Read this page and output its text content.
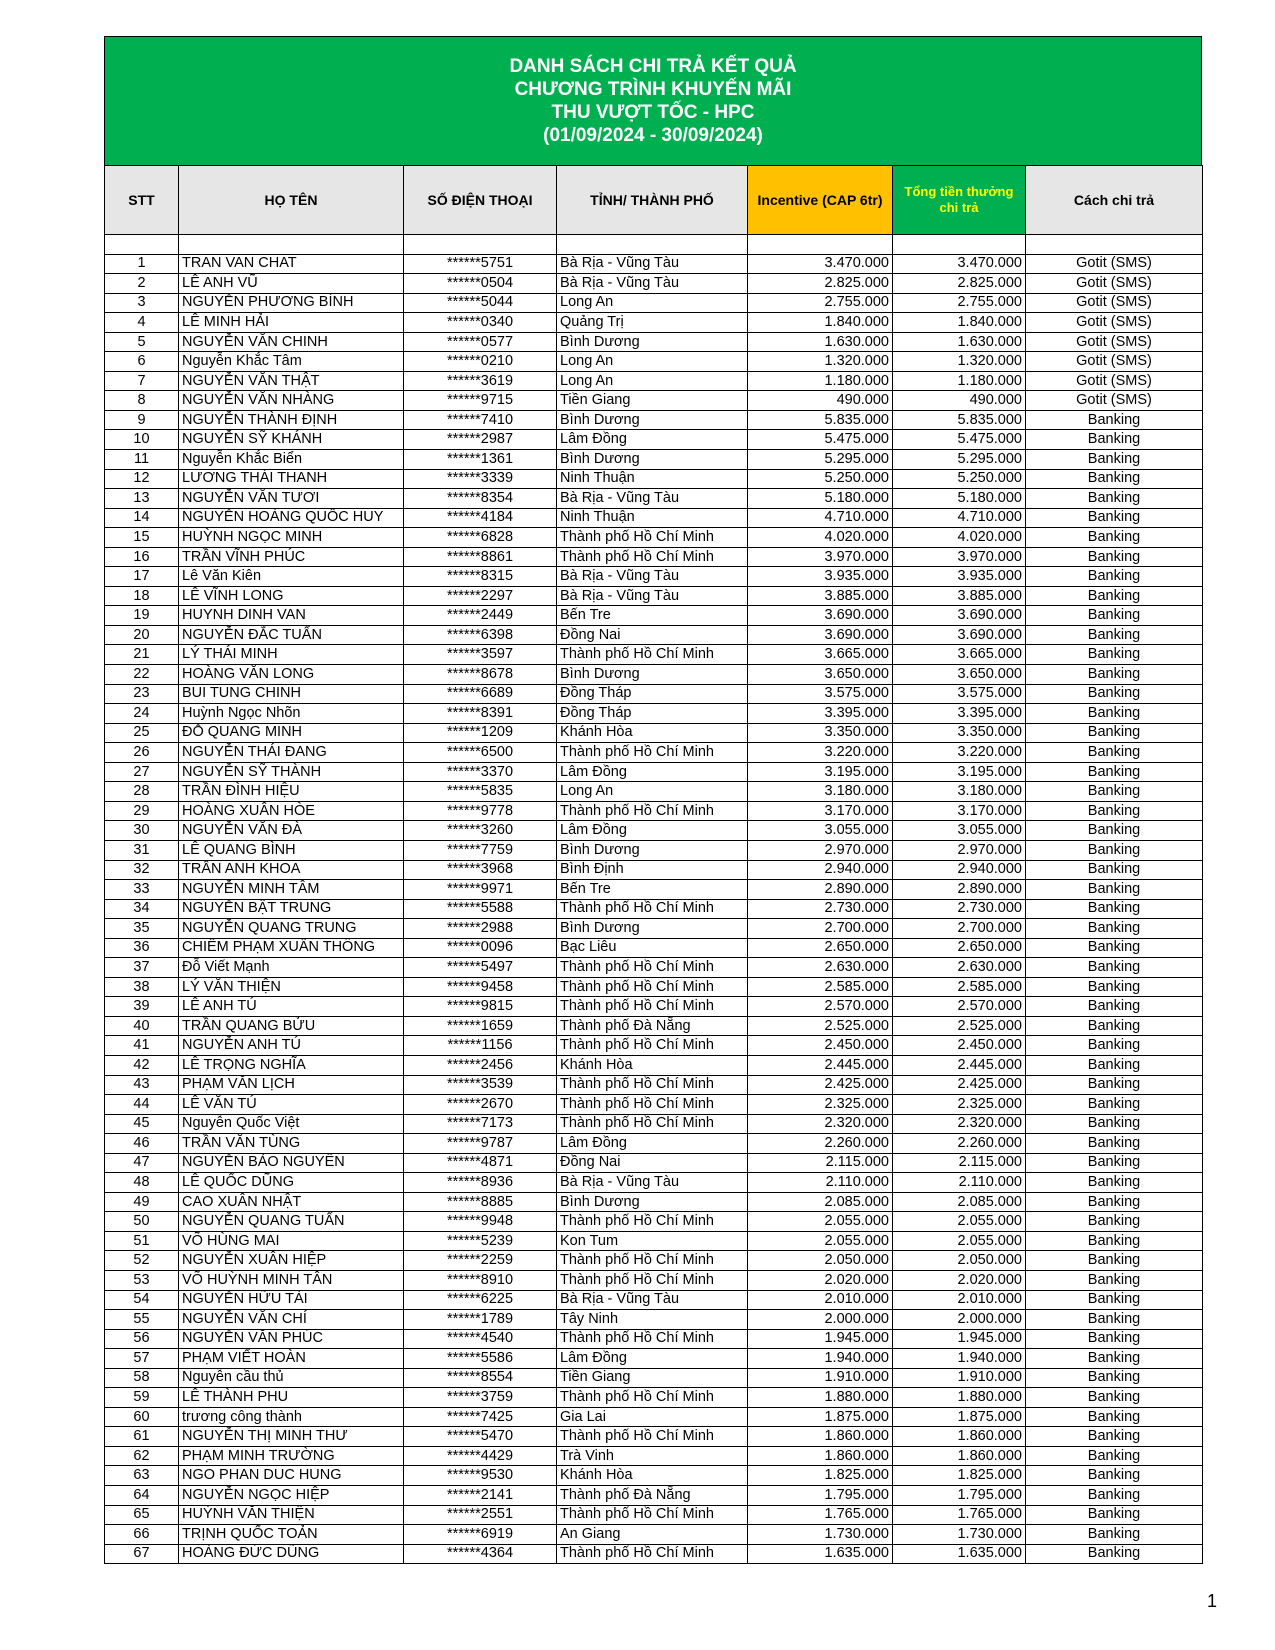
DANH SÁCH CHI TRẢ KẾT QUẢ
CHƯƠNG TRÌNH KHUYẾN MÃI
THU VƯỢT TỐC - HPC
(01/09/2024 - 30/09/2024)
STT	HỌ TÊN	SỐ ĐIỆN THOẠI	TỈNH/ THÀNH PHỐ	Incentive (CAP 6tr)	Tổng tiền thưởng chi trả	Cách chi trả

1	TRAN VAN CHAT	******5751	Bà Rịa - Vũng Tàu	3.470.000	3.470.000	Gotit (SMS)
2	LÊ ANH VŨ	******0504	Bà Rịa - Vũng Tàu	2.825.000	2.825.000	Gotit (SMS)
3	NGUYỄN PHƯƠNG BÌNH	******5044	Long An	2.755.000	2.755.000	Gotit (SMS)
4	LÊ MINH HẢI	******0340	Quảng Trị	1.840.000	1.840.000	Gotit (SMS)
5	NGUYỄN VĂN CHINH	******0577	Bình Dương	1.630.000	1.630.000	Gotit (SMS)
6	Nguyễn Khắc Tâm	******0210	Long An	1.320.000	1.320.000	Gotit (SMS)
7	NGUYỄN VĂN THẬT	******3619	Long An	1.180.000	1.180.000	Gotit (SMS)
8	NGUYỄN VĂN NHÀNG	******9715	Tiền Giang	490.000	490.000	Gotit (SMS)
9	NGUYỄN THÀNH ĐỊNH	******7410	Bình Dương	5.835.000	5.835.000	Banking
10	NGUYỄN SỸ KHÁNH	******2987	Lâm Đồng	5.475.000	5.475.000	Banking
11	Nguyễn Khắc Biển	******1361	Bình Dương	5.295.000	5.295.000	Banking
12	LƯƠNG THÁI THANH	******3339	Ninh Thuận	5.250.000	5.250.000	Banking
13	NGUYỄN VĂN TƯƠI	******8354	Bà Rịa - Vũng Tàu	5.180.000	5.180.000	Banking
14	NGUYỄN HOÀNG QUỐC HUY	******4184	Ninh Thuận	4.710.000	4.710.000	Banking
15	HUỲNH NGỌC MINH	******6828	Thành phố Hồ Chí Minh	4.020.000	4.020.000	Banking
16	TRẦN VĨNH PHÚC	******8861	Thành phố Hồ Chí Minh	3.970.000	3.970.000	Banking
17	Lê Văn Kiên	******8315	Bà Rịa - Vũng Tàu	3.935.000	3.935.000	Banking
18	LÊ VĨNH LONG	******2297	Bà Rịa - Vũng Tàu	3.885.000	3.885.000	Banking
19	HUYNH DINH VAN	******2449	Bến Tre	3.690.000	3.690.000	Banking
20	NGUYỄN ĐẮC TUẤN	******6398	Đồng Nai	3.690.000	3.690.000	Banking
21	LÝ THÁI MINH	******3597	Thành phố Hồ Chí Minh	3.665.000	3.665.000	Banking
22	HOÀNG VĂN LONG	******8678	Bình Dương	3.650.000	3.650.000	Banking
23	BUI TUNG CHINH	******6689	Đồng Tháp	3.575.000	3.575.000	Banking
24	Huỳnh Ngọc Nhõn	******8391	Đồng Tháp	3.395.000	3.395.000	Banking
25	ĐỖ QUANG MINH	******1209	Khánh Hòa	3.350.000	3.350.000	Banking
26	NGUYỄN THÁI ĐANG	******6500	Thành phố Hồ Chí Minh	3.220.000	3.220.000	Banking
27	NGUYỄN SỸ THÀNH	******3370	Lâm Đồng	3.195.000	3.195.000	Banking
28	TRẦN ĐÌNH HIỆU	******5835	Long An	3.180.000	3.180.000	Banking
29	HOÀNG XUÂN HÒE	******9778	Thành phố Hồ Chí Minh	3.170.000	3.170.000	Banking
30	NGUYỄN VĂN ĐÀ	******3260	Lâm Đồng	3.055.000	3.055.000	Banking
31	LÊ QUANG BÌNH	******7759	Bình Dương	2.970.000	2.970.000	Banking
32	TRẦN ANH KHOA	******3968	Bình Định	2.940.000	2.940.000	Banking
33	NGUYỄN MINH TÂM	******9971	Bến Tre	2.890.000	2.890.000	Banking
34	NGUYỄN BẬT TRUNG	******5588	Thành phố Hồ Chí Minh	2.730.000	2.730.000	Banking
35	NGUYỄN QUANG TRUNG	******2988	Bình Dương	2.700.000	2.700.000	Banking
36	CHIÊM PHẠM XUÂN THÔNG	******0096	Bạc Liêu	2.650.000	2.650.000	Banking
37	Đỗ Viết Mạnh	******5497	Thành phố Hồ Chí Minh	2.630.000	2.630.000	Banking
38	LÝ VĂN THIỆN	******9458	Thành phố Hồ Chí Minh	2.585.000	2.585.000	Banking
39	LÊ ANH TÚ	******9815	Thành phố Hồ Chí Minh	2.570.000	2.570.000	Banking
40	TRẦN QUANG BỬU	******1659	Thành phố Đà Nẵng	2.525.000	2.525.000	Banking
41	NGUYỄN ANH TÚ	******1156	Thành phố Hồ Chí Minh	2.450.000	2.450.000	Banking
42	LÊ TRỌNG NGHĨA	******2456	Khánh Hòa	2.445.000	2.445.000	Banking
43	PHẠM VĂN LỊCH	******3539	Thành phố Hồ Chí Minh	2.425.000	2.425.000	Banking
44	LÊ VĂN TÚ	******2670	Thành phố Hồ Chí Minh	2.325.000	2.325.000	Banking
45	Nguyễn Quốc Việt	******7173	Thành phố Hồ Chí Minh	2.320.000	2.320.000	Banking
46	TRẦN VĂN TÙNG	******9787	Lâm Đồng	2.260.000	2.260.000	Banking
47	NGUYỄN BẢO NGUYÊN	******4871	Đồng Nai	2.115.000	2.115.000	Banking
48	LÊ QUỐC DŨNG	******8936	Bà Rịa - Vũng Tàu	2.110.000	2.110.000	Banking
49	CAO XUÂN NHẬT	******8885	Bình Dương	2.085.000	2.085.000	Banking
50	NGUYỄN QUANG TUẤN	******9948	Thành phố Hồ Chí Minh	2.055.000	2.055.000	Banking
51	VÕ HÙNG MAI	******5239	Kon Tum	2.055.000	2.055.000	Banking
52	NGUYỄN XUÂN HIỆP	******2259	Thành phố Hồ Chí Minh	2.050.000	2.050.000	Banking
53	VÕ HUỲNH MINH TÂN	******8910	Thành phố Hồ Chí Minh	2.020.000	2.020.000	Banking
54	NGUYỄN HỮU TÀI	******6225	Bà Rịa - Vũng Tàu	2.010.000	2.010.000	Banking
55	NGUYỄN VĂN CHÍ	******1789	Tây Ninh	2.000.000	2.000.000	Banking
56	NGUYỄN VĂN PHÚC	******4540	Thành phố Hồ Chí Minh	1.945.000	1.945.000	Banking
57	PHẠM VIẾT HOÀN	******5586	Lâm Đồng	1.940.000	1.940.000	Banking
58	Nguyễn cầu thủ	******8554	Tiền Giang	1.910.000	1.910.000	Banking
59	LÊ THÀNH PHU	******3759	Thành phố Hồ Chí Minh	1.880.000	1.880.000	Banking
60	trương công thành	******7425	Gia Lai	1.875.000	1.875.000	Banking
61	NGUYỄN THỊ MINH THƯ	******5470	Thành phố Hồ Chí Minh	1.860.000	1.860.000	Banking
62	PHẠM MINH TRƯỜNG	******4429	Trà Vinh	1.860.000	1.860.000	Banking
63	NGO PHAN DUC HUNG	******9530	Khánh Hòa	1.825.000	1.825.000	Banking
64	NGUYỄN NGỌC HIỆP	******2141	Thành phố Đà Nẵng	1.795.000	1.795.000	Banking
65	HUỲNH VĂN THIỆN	******2551	Thành phố Hồ Chí Minh	1.765.000	1.765.000	Banking
66	TRỊNH QUỐC TOẢN	******6919	An Giang	1.730.000	1.730.000	Banking
67	HOÀNG ĐỨC DŨNG	******4364	Thành phố Hồ Chí Minh	1.635.000	1.635.000	Banking
1
